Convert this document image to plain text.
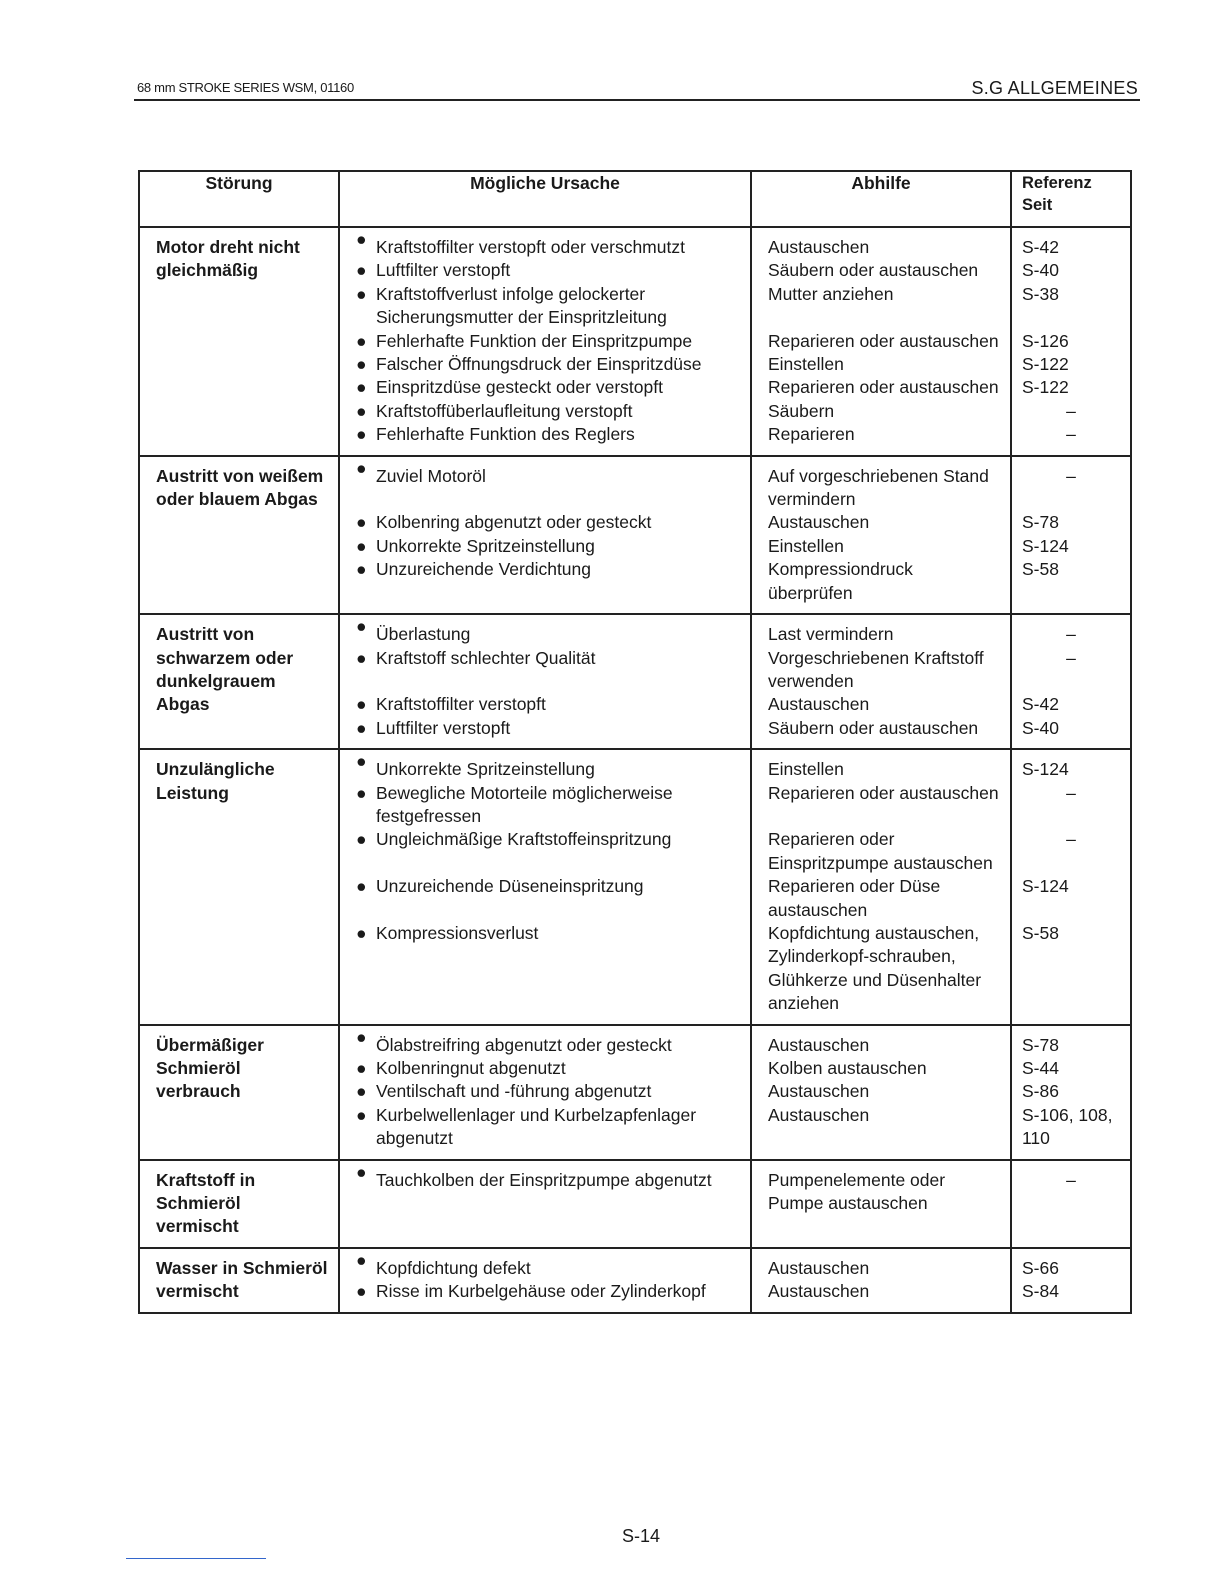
68 mm STROKE SERIES WSM, 01160	S.G ALLGEMEINES
Störung	Mögliche Ursache	Abhilfe	Referenz Seit
Motor dreht nicht gleichmäßig	● Kraftstoffilter verstopft oder verschmutzt	Austauschen	S-42

	● Luftfilter verstopft	Säubern oder austauschen	S-40

	● Kraftstoffverlust infolge gelockerter Sicherungsmutter der Einspritzleitung	Mutter anziehen	S-38

	● Fehlerhafte Funktion der Einspritzpumpe	Reparieren oder austauschen	S-126

	● Falscher Öffnungsdruck der Einspritzdüse	Einstellen	S-122

	● Einspritzdüse gesteckt oder verstopft	Reparieren oder austauschen	S-122

	● Kraftstoffüberlaufleitung verstopft	Säubern	–

	● Fehlerhafte Funktion des Reglers	Reparieren	–
Austritt von weißem oder blauem Abgas	● Zuviel Motoröl	Auf vorgeschriebenen Stand vermindern	–

	● Kolbenring abgenutzt oder gesteckt	Austauschen	S-78

	● Unkorrekte Spritzeinstellung	Einstellen	S-124

	● Unzureichende Verdichtung	Kompressiondruck überprüfen	S-58
Austritt von schwarzem oder dunkelgrauem Abgas	● Überlastung	Last vermindern	–

	● Kraftstoff schlechter Qualität	Vorgeschriebenen Kraftstoff verwenden	–

	● Kraftstoffilter verstopft	Austauschen	S-42

	● Luftfilter verstopft	Säubern oder austauschen	S-40
Unzulängliche Leistung	● Unkorrekte Spritzeinstellung	Einstellen	S-124

	● Bewegliche Motorteile möglicherweise festgefressen	Reparieren oder austauschen	–

	● Ungleichmäßige Kraftstoffeinspritzung	Reparieren oder Einspritzpumpe austauschen	–

	● Unzureichende Düseneinspritzung	Reparieren oder Düse austauschen	S-124

	● Kompressionsverlust	Kopfdichtung austauschen, Zylinderkopf-schrauben, Glühkerze und Düsenhalter anziehen	S-58
Übermäßiger Schmieröl verbrauch	● Ölabstreifring abgenutzt oder gesteckt	Austauschen	S-78

	● Kolbenringnut abgenutzt	Kolben austauschen	S-44

	● Ventilschaft und -führung abgenutzt	Austauschen	S-86

	● Kurbelwellenlager und Kurbelzapfenlager abgenutzt	Austauschen	S-106, 108, 110
Kraftstoff in Schmieröl vermischt	● Tauchkolben der Einspritzpumpe abgenutzt	Pumpenelemente oder Pumpe austauschen	–
Wasser in Schmieröl vermischt	● Kopfdichtung defekt	Austauschen	S-66

	● Risse im Kurbelgehäuse oder Zylinderkopf	Austauschen	S-84
S-14
